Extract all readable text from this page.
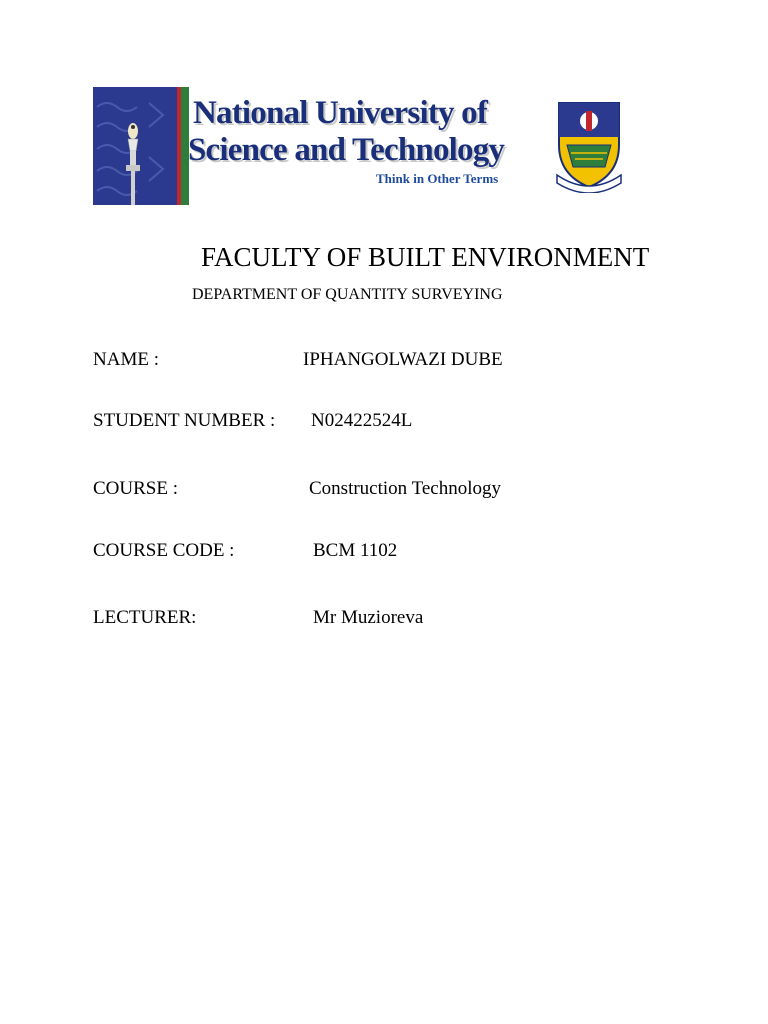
National University of
Science and Technology
Think in Other Terms
FACULTY OF BUILT ENVIRONMENT
DEPARTMENT OF QUANTITY SURVEYING
NAME :	IPHANGOLWAZI DUBE
STUDENT NUMBER : N02422524L
COURSE :	Construction Technology
COURSE CODE :	BCM 1102
LECTURER:	Mr Muzioreva
